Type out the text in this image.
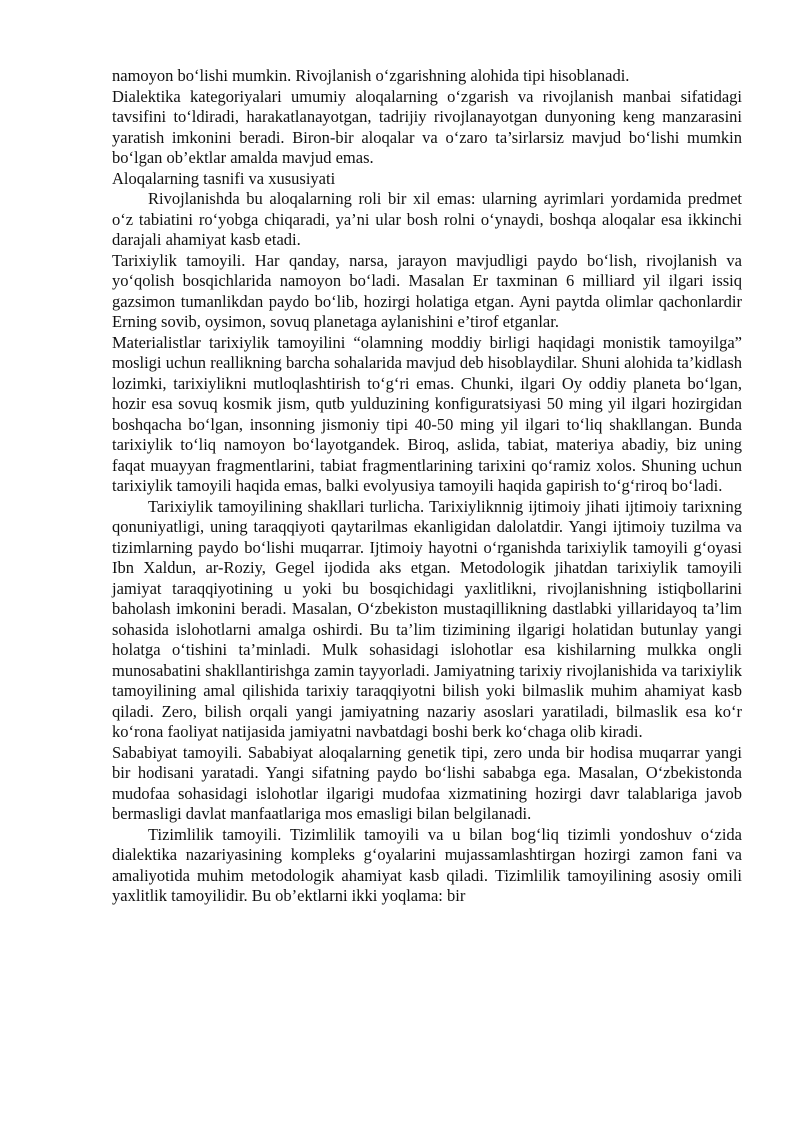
namoyon bo‘lishi mumkin. Rivojlanish o‘zgarishning alohida tipi hisoblanadi.

Dialektika kategoriyalari umumiy aloqalarning o‘zgarish va rivojlanish manbai sifatidagi tavsifini to‘ldiradi, harakatlanayotgan, tadrijiy rivojlanayotgan dunyoning keng manzarasini yaratish imkonini beradi. Biron-bir aloqalar va o‘zaro ta’sirlarsiz mavjud bo‘lishi mumkin bo‘lgan ob’ektlar amalda mavjud emas.

Aloqalarning tasnifi va xususiyati

Rivojlanishda bu aloqalarning roli bir xil emas: ularning ayrimlari yordamida predmet o‘z tabiatini ro‘yobga chiqaradi, ya’ni ular bosh rolni o‘ynaydi, boshqa aloqalar esa ikkinchi darajali ahamiyat kasb etadi.

Tarixiylik tamoyili. Har qanday, narsa, jarayon mavjudligi paydo bo‘lish, rivojlanish va yo‘qolish bosqichlarida namoyon bo‘ladi. Masalan Er taxminan 6 milliard yil ilgari issiq gazsimon tumanlikdan paydo bo‘lib, hozirgi holatiga etgan. Ayni paytda olimlar qachonlardir Erning sovib, oysimon, sovuq planetaga aylanishini e’tirof etganlar.

Materialistlar tarixiylik tamoyilini “olamning moddiy birligi haqidagi monistik tamoyilga” mosligi uchun reallikning barcha sohalarida mavjud deb hisoblaydilar. Shuni alohida ta’kidlash lozimki, tarixiylikni mutloqlashtirish to‘g‘ri emas. Chunki, ilgari Oy oddiy planeta bo‘lgan, hozir esa sovuq kosmik jism, qutb yulduzining konfiguratsiyasi 50 ming yil ilgari hozirgidan boshqacha bo‘lgan, insonning jismoniy tipi 40-50 ming yil ilgari to‘liq shakllangan. Bunda tarixiylik to‘liq namoyon bo‘layotgandek. Biroq, aslida, tabiat, materiya abadiy, biz uning faqat muayyan fragmentlarini, tabiat fragmentlarining tarixini qo‘ramiz xolos. Shuning uchun tarixiylik tamoyili haqida emas, balki evolyusiya tamoyili haqida gapirish to‘g‘riroq bo‘ladi.

Tarixiylik tamoyilining shakllari turlicha. Tarixiyliknnig ijtimoiy jihati ijtimoiy tarixning qonuniyatligi, uning taraqqiyoti qaytarilmas ekanligidan dalolatdir. Yangi ijtimoiy tuzilma va tizimlarning paydo bo‘lishi muqarrar. Ijtimoiy hayotni o‘rganishda tarixiylik tamoyili g‘oyasi Ibn Xaldun, ar-Roziy, Gegel ijodida aks etgan. Metodologik jihatdan tarixiylik tamoyili jamiyat taraqqiyotining u yoki bu bosqichidagi yaxlitlikni, rivojlanishning istiqbollarini baholash imkonini beradi. Masalan, O‘zbekiston mustaqillikning dastlabki yillaridayoq ta’lim sohasida islohotlarni amalga oshirdi. Bu ta’lim tizimining ilgarigi holatidan butunlay yangi holatga o‘tishini ta’minladi. Mulk sohasidagi islohotlar esa kishilarning mulkka ongli munosabatini shakllantirishga zamin tayyorladi. Jamiyatning tarixiy rivojlanishida va tarixiylik tamoyilining amal qilishida tarixiy taraqqiyotni bilish yoki bilmaslik muhim ahamiyat kasb qiladi. Zero, bilish orqali yangi jamiyatning nazariy asoslari yaratiladi, bilmaslik esa ko‘r ko‘rona faoliyat natijasida jamiyatni navbatdagi boshi berk ko‘chaga olib kiradi.

Sababiyat tamoyili. Sababiyat aloqalarning genetik tipi, zero unda bir hodisa muqarrar yangi bir hodisani yaratadi. Yangi sifatning paydo bo‘lishi sababga ega. Masalan, O‘zbekistonda mudofaa sohasidagi islohotlar ilgarigi mudofaa xizmatining hozirgi davr talablariga javob bermasligi davlat manfaatlariga mos emasligi bilan belgilanadi.

Tizimlilik tamoyili. Tizimlilik tamoyili va u bilan bog‘liq tizimli yondoshuv o‘zida dialektika nazariyasining kompleks g‘oyalarini mujassamlashtirgan hozirgi zamon fani va amaliyotida muhim metodologik ahamiyat kasb qiladi. Tizimlilik tamoyilining asosiy omili yaxlitlik tamoyilidir. Bu ob’ektlarni ikki yoqlama: bir
